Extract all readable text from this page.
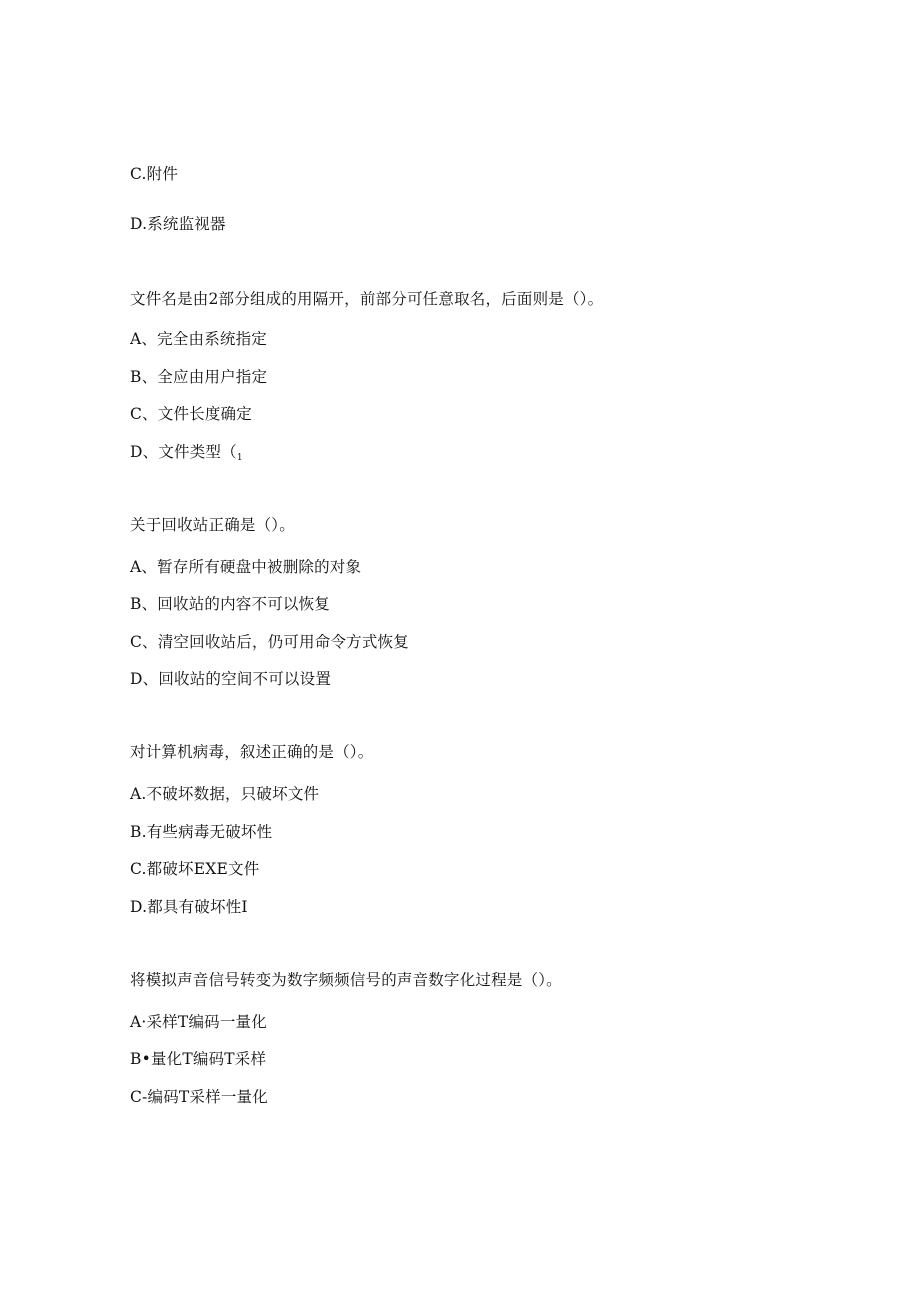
C.附件
D.系统监视器
文件名是由2部分组成的用隔开，前部分可任意取名，后面则是（）。
A、完全由系统指定
B、全应由用户指定
C、文件长度确定
D、文件类型（$_1$
关于回收站正确是（）。
A、暂存所有硬盘中被删除的对象
B、回收站的内容不可以恢复
C、清空回收站后，仍可用命令方式恢复
D、回收站的空间不可以设置
对计算机病毒，叙述正确的是（）。
A.不破坏数据，只破坏文件
B.有些病毒无破坏性
C.都破坏EXE文件
D.都具有破坏性I
将模拟声音信号转变为数字频频信号的声音数字化过程是（）。
A·采样T编码一量化
B•量化T编码T采样
C-编码T采样一量化
